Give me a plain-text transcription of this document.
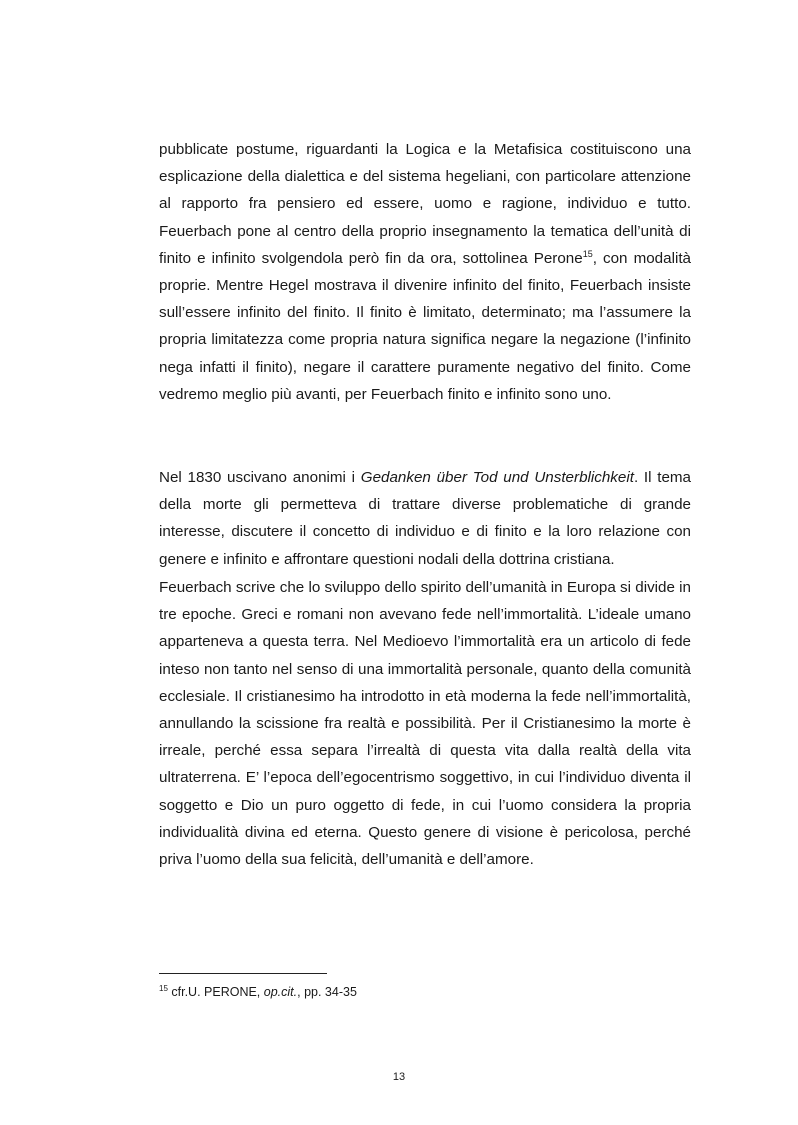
pubblicate postume, riguardanti la Logica e la Metafisica costituiscono una esplicazione della dialettica e del sistema hegeliani, con particolare attenzione al rapporto fra pensiero ed essere, uomo e ragione, individuo e tutto. Feuerbach pone al centro della proprio insegnamento la tematica dell’unità di finito e infinito svolgendola però fin da ora, sottolinea Perone$^{15}$, con modalità proprie. Mentre Hegel mostrava il divenire infinito del finito, Feuerbach insiste sull’essere infinito del finito. Il finito è limitato, determinato; ma l’assumere la propria limitatezza come propria natura significa negare la negazione (l’infinito nega infatti il finito), negare il carattere puramente negativo del finito. Come vedremo meglio più avanti, per Feuerbach finito e infinito sono uno.

Nel 1830 uscivano anonimi i Gedanken über Tod und Unsterblichkeit. Il tema della morte gli permetteva di trattare diverse problematiche di grande interesse, discutere il concetto di individuo e di finito e la loro relazione con genere e infinito e affrontare questioni nodali della dottrina cristiana.

Feuerbach scrive che lo sviluppo dello spirito dell’umanità in Europa si divide in tre epoche. Greci e romani non avevano fede nell’immortalità. L’ideale umano apparteneva a questa terra. Nel Medioevo l’immortalità era un articolo di fede inteso non tanto nel senso di una immortalità personale, quanto della comunità ecclesiale. Il cristianesimo ha introdotto in età moderna la fede nell’immortalità, annullando la scissione fra realtà e possibilità. Per il Cristianesimo la morte è irreale, perché essa separa l’irrealtà di questa vita dalla realtà della vita ultraterrena. E’ l’epoca dell’egocentrismo soggettivo, in cui l’individuo diventa il soggetto e Dio un puro oggetto di fede, in cui l’uomo considera la propria individualità divina ed eterna. Questo genere di visione è pericolosa, perché priva l’uomo della sua felicità, dell’umanità e dell’amore.

$^{15}$ cfr.U. PERONE, op.cit., pp. 34-35
13
